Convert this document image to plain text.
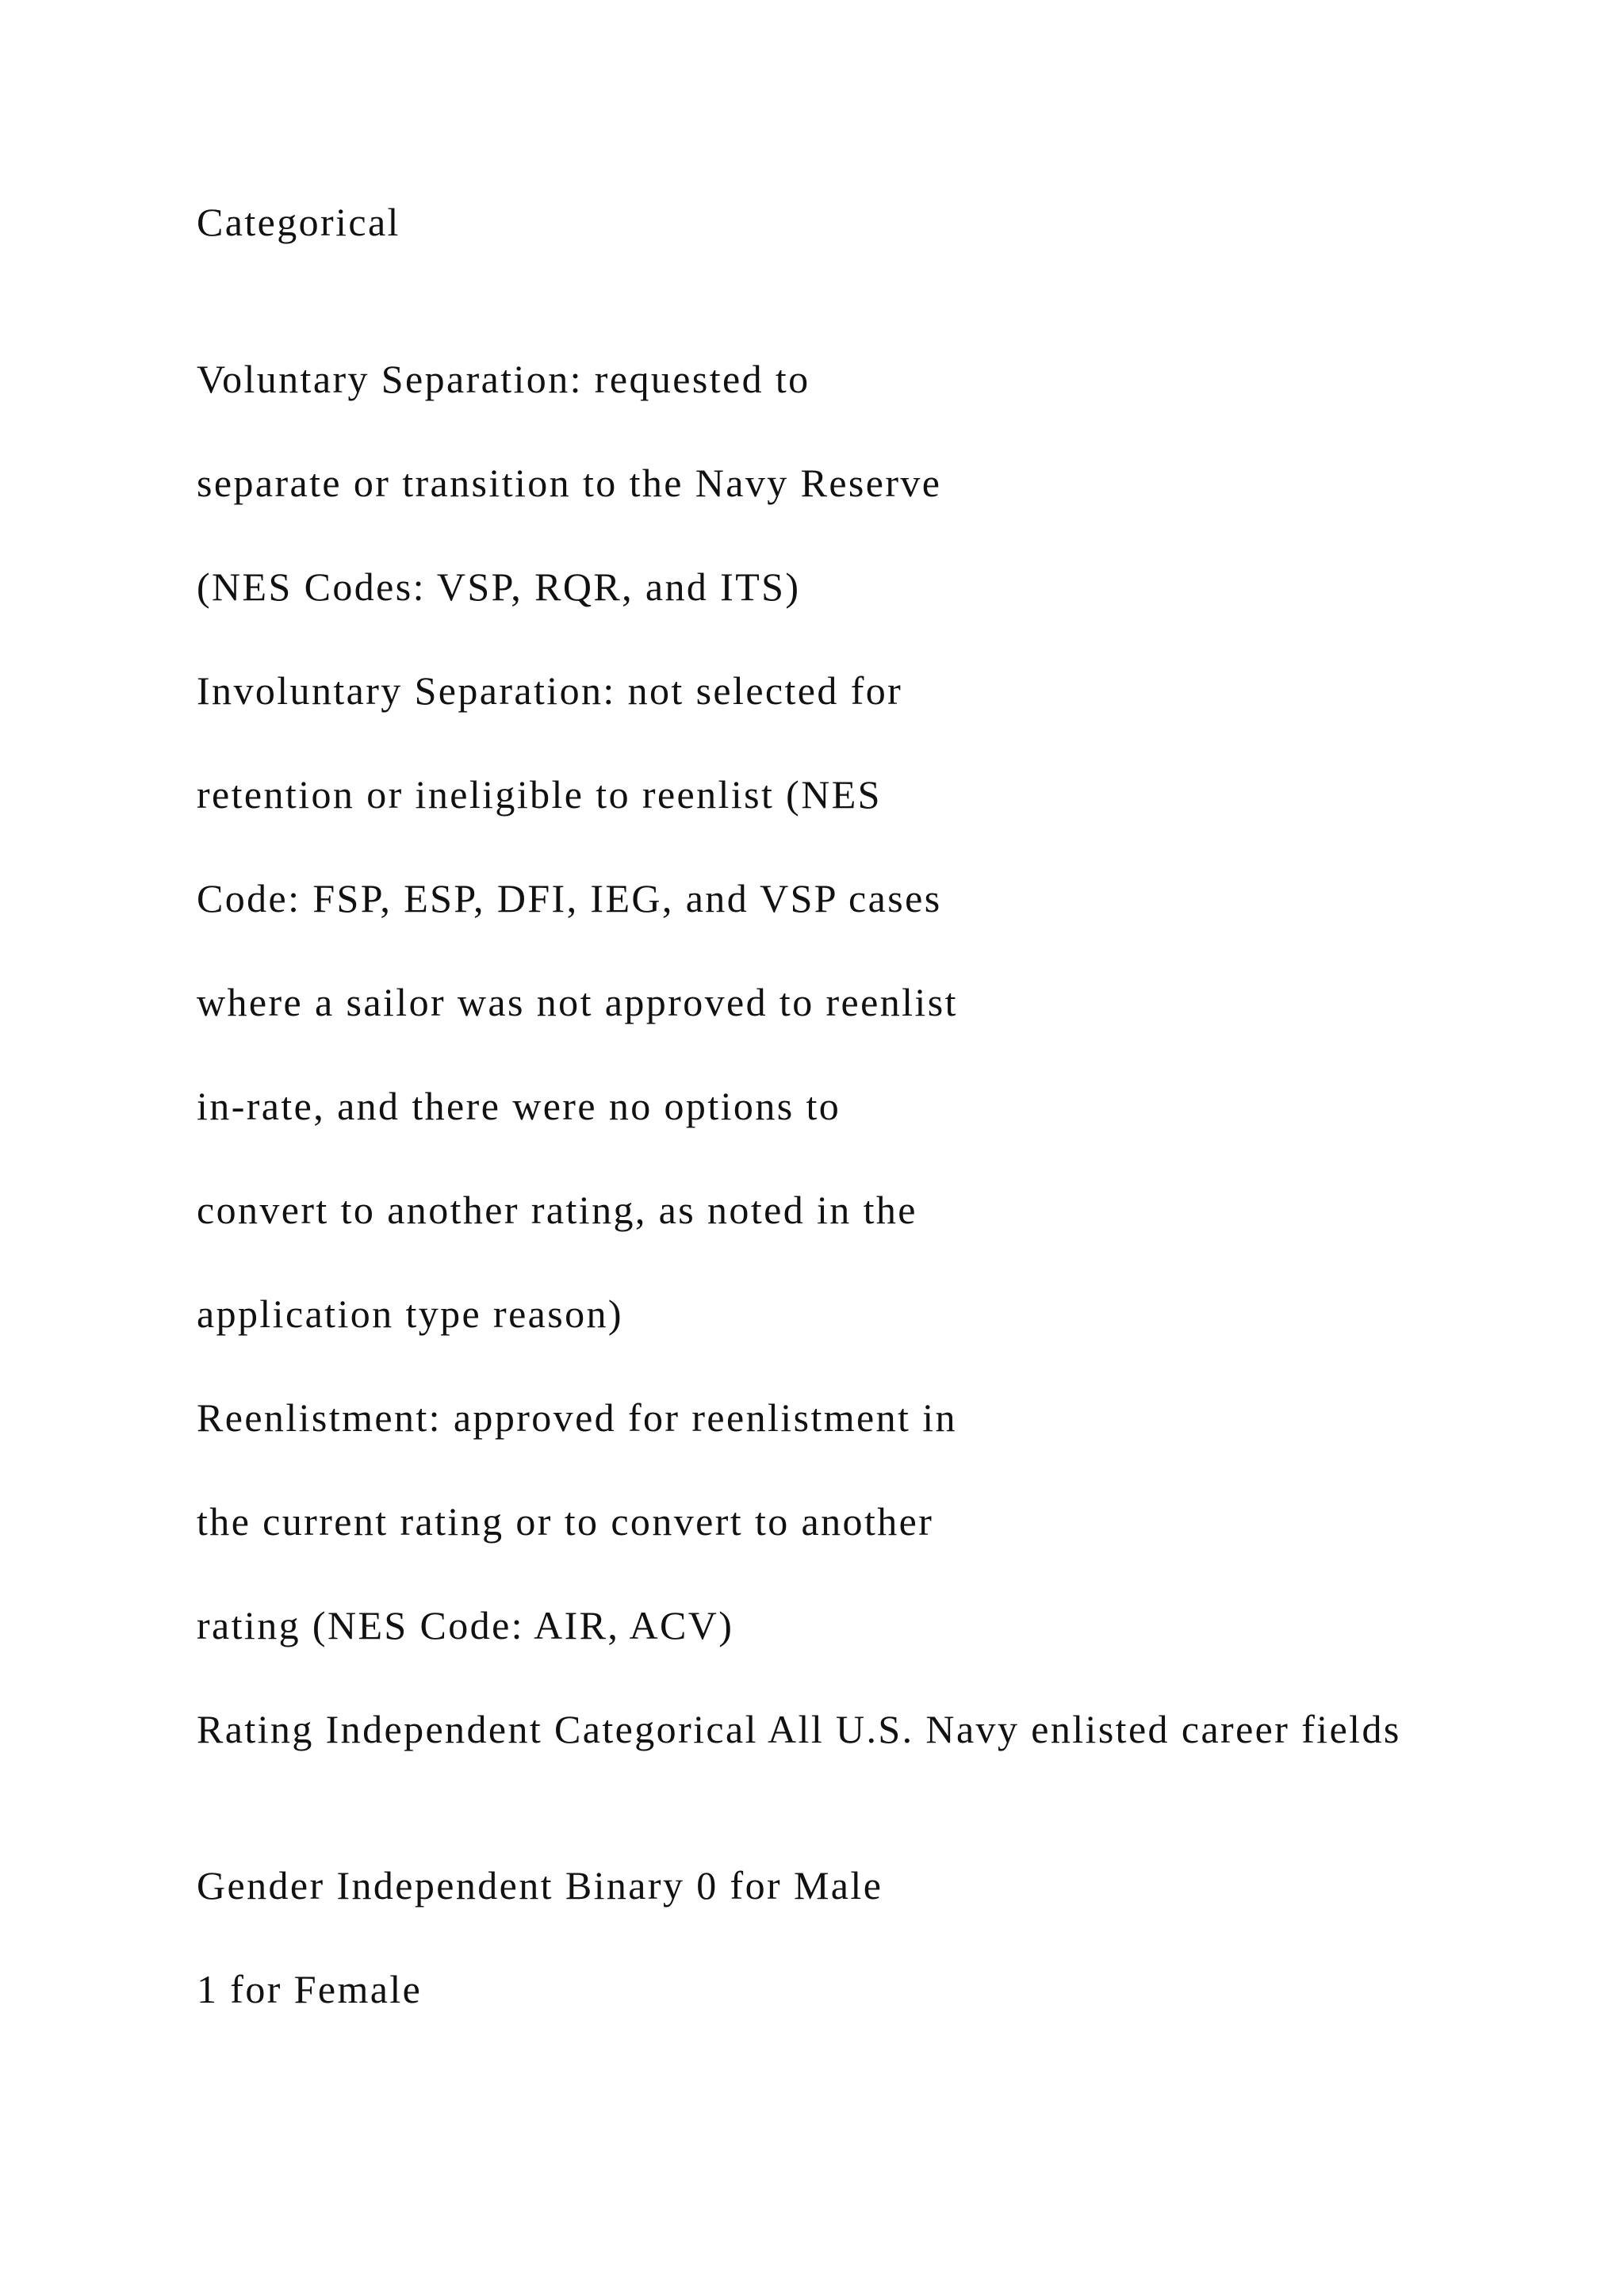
Categorical

Voluntary Separation: requested to

separate or transition to the Navy Reserve

(NES Codes: VSP, RQR, and ITS)

Involuntary Separation: not selected for

retention or ineligible to reenlist (NES

Code: FSP, ESP, DFI, IEG, and VSP cases

where a sailor was not approved to reenlist

in-rate, and there were no options to

convert to another rating, as noted in the

application type reason)

Reenlistment: approved for reenlistment in

the current rating or to convert to another

rating (NES Code: AIR, ACV)

Rating Independent Categorical All U.S. Navy enlisted career fields

Gender Independent Binary 0 for Male

1 for Female
